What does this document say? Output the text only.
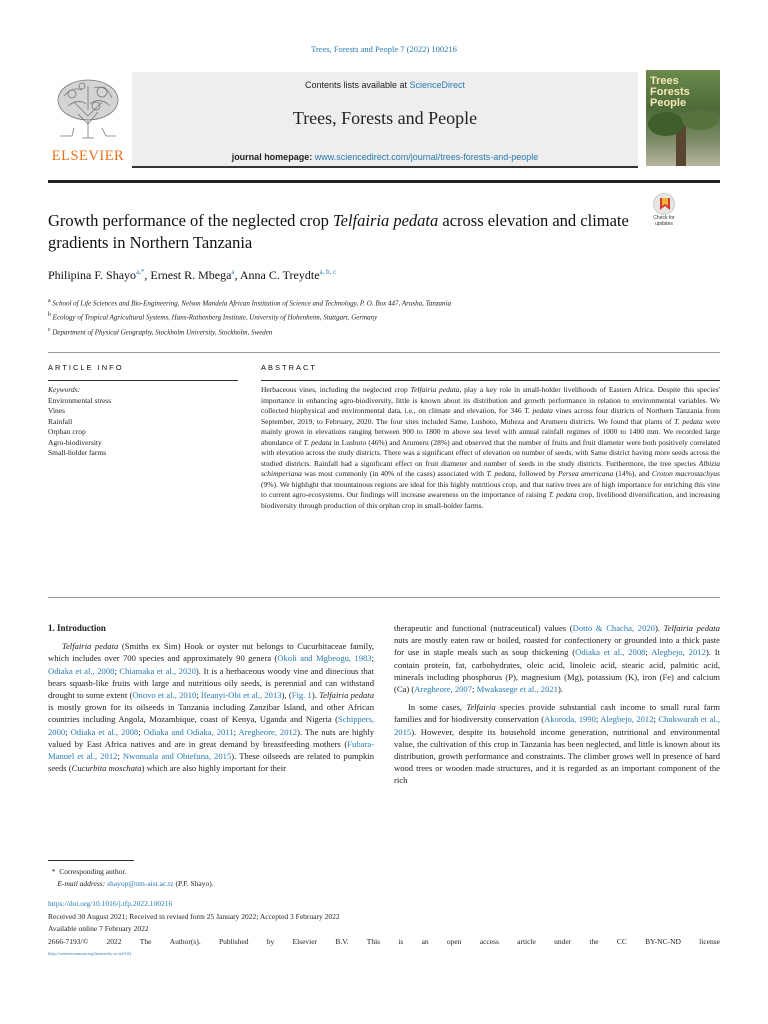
Trees, Forests and People 7 (2022) 100216
ELSEVIER
Contents lists available at ScienceDirect
Trees, Forests and People
journal homepage: www.sciencedirect.com/journal/trees-forests-and-people
Trees Forests People
Growth performance of the neglected crop Telfairia pedata across elevation and climate gradients in Northern Tanzania
Check for updates
Philipina F. Shayo$^{a,*}$, Ernest R. Mbega$^a$, Anna C. Treydte$^{a, b, c}$
$^a$ School of Life Sciences and Bio-Engineering, Nelson Mandela African Institution of Science and Technology, P. O. Box 447, Arusha, Tanzania
$^b$ Ecology of Tropical Agricultural Systems, Hans-Ruthenberg Institute, University of Hohenheim, Stuttgart, Germany
$^c$ Department of Physical Geography, Stockholm University, Stockholm, Sweden
ARTICLE INFO	ABSTRACT
Keywords:
Environmental stress
Vines
Rainfall
Orphan crop
Agro-biodiversity
Small-holder farms
Herbaceous vines, including the neglected crop Telfairia pedata, play a key role in small-holder livelihoods of Eastern Africa. Despite this species' importance in enhancing agro-biodiversity, little is known about its distribution and growth performance in relation to environmental variables. We collected biophysical and environmental data, i.e., on climate and elevation, for 346 T. pedata vines across four districts of Northern Tanzania from September, 2019, to February, 2020. The four sites included Same, Lushoto, Muheza and Arumeru districts. We found that plants of T. pedata were mainly grown in elevations ranging between 900 to 1800 m above sea level with annual rainfall regimes of 1000 to 1400 mm. We recorded large abundance of T. pedata in Lushoto (46%) and Arumeru (28%) and observed that the number of fruits and fruit diameter were both positively correlated with elevation across the study districts. There was a significant effect of elevation on number of seeds, with Same district having more seeds across the studied districts. Rainfall had a significant effect on fruit diameter and number of seeds in the study districts. Furthermore, the tree species Albizia schimperiana was most commonly (in 40% of the cases) associated with T. pedata, followed by Persea americana (14%), and Croton macrostachyus (9%). We highlight that mountainous regions are ideal for this highly nutritious crop, and that native trees are of high importance for enriching this vine to current agro-ecosystems. Our findings will increase awareness on the importance of raising T. pedata crop, livelihood diversification, and increasing biodiversity through production of this orphan crop in small-holder farms.

1. Introduction

Telfairia pedata (Smiths ex Sim) Hook or oyster nut belongs to Cucurbitaceae family, which includes over 700 species and approximately 90 genera (Okoli and Mgbeogu, 1983; Odiaka et al., 2008; Chiamaka et al., 2020). It is a herbaceous woody vine and dioecious that bears squash-like fruits with large and nutritious oily seeds, is perennial and can withstand drought to some extent (Onovo et al., 2010; Ifeanyi-Obi et al., 2013), (Fig. 1). Telfairia pedata is mostly grown for its oilseeds in Tanzania including Zanzibar Island, and other African countries including Angola, Mozambique, coast of Kenya, Uganda and Nigeria (Schippers, 2000; Odiaka et al., 2008; Odiaka and Odiaka, 2011; Aregheore, 2012). The nuts are highly valued by East Africa natives and are in great demand by breastfeeding mothers (Fubara-Manuel et al., 2012; Nwonuala and Obiefuna, 2015). These oilseeds are related to pumpkin seeds (Cucurbita moschata) which are also highly important for their

therapeutic and functional (nutraceutical) values (Dotto & Chacha, 2020). Telfairia pedata nuts are mostly eaten raw or boiled, roasted for confectionery or grounded into a thick paste for use in staple meals such as soup thickening (Odiaka et al., 2008; Alegbejo, 2012). It contain protein, fat, carbohydrates, oleic acid, linoleic acid, stearic acid, palmitic acid, minerals including phosphorus (P), magnesium (Mg), potassium (K), iron (Fe) and calcium (Ca) (Aregheore, 2007; Mwakasege et al., 2021).

In some cases, Telfairia species provide substantial cash income to small rural farm families and for biodiversity conservation (Akoroda, 1990; Alegbejo, 2012; Chukwurah et al., 2015). However, despite its household income generation, nutritional and environmental value, the cultivation of this crop in Tanzania has been neglected, and little is known about its distribution, growth performance and constraints. The climber grows well in presence of hard wood trees or wooden made structures, and it is regarded as an important component of the rich

*  Corresponding author.
E-mail address: shayop@nm-aist.ac.tz (P.F. Shayo).
https://doi.org/10.1016/j.tfp.2022.100216
Received 30 August 2021; Received in revised form 25 January 2022; Accepted 3 February 2022
Available online 7 February 2022
2666-7193/© 2022 The Author(s). Published by Elsevier B.V. This is an open access article under the CC BY-NC-ND license
(http://creativecommons.org/licenses/by-nc-nd/4.0/).
